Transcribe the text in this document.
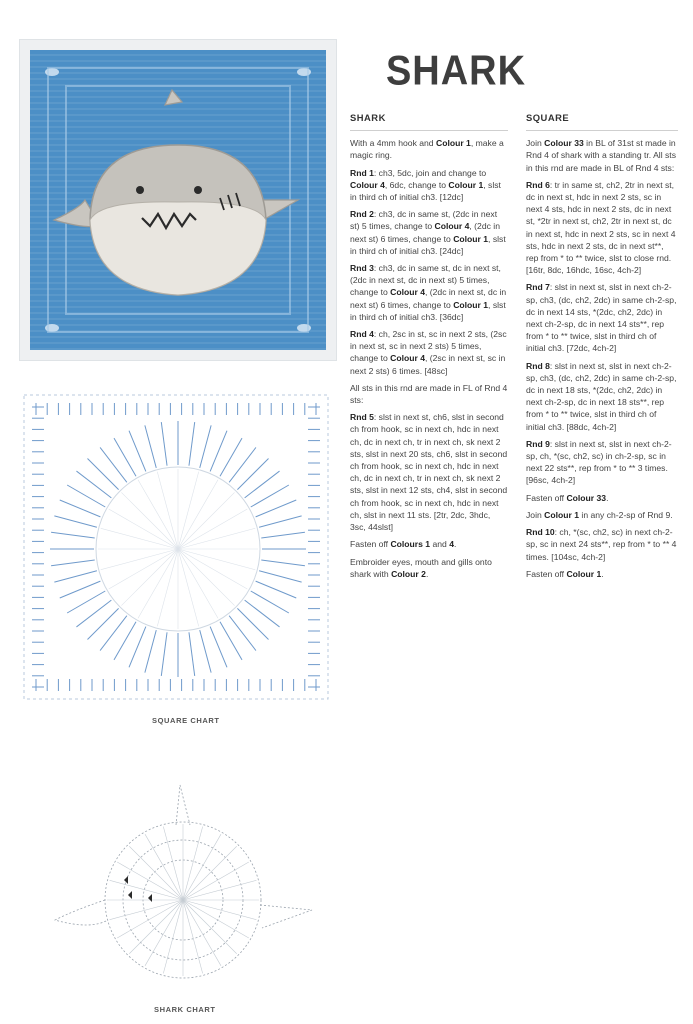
SHARK
SHARK

With a 4mm hook and Colour 1, make a magic ring.

Rnd 1: ch3, 5dc, join and change to Colour 4, 6dc, change to Colour 1, slst in third ch of initial ch3. [12dc]

Rnd 2: ch3, dc in same st, (2dc in next st) 5 times, change to Colour 4, (2dc in next st) 6 times, change to Colour 1, slst in third ch of initial ch3. [24dc]

Rnd 3: ch3, dc in same st, dc in next st, (2dc in next st, dc in next st) 5 times, change to Colour 4, (2dc in next st, dc in next st) 6 times, change to Colour 1, slst in third ch of initial ch3. [36dc]

Rnd 4: ch, 2sc in st, sc in next 2 sts, (2sc in next st, sc in next 2 sts) 5 times, change to Colour 4, (2sc in next st, sc in next 2 sts) 6 times. [48sc]

All sts in this rnd are made in FL of Rnd 4 sts:

Rnd 5: slst in next st, ch6, slst in second ch from hook, sc in next ch, hdc in next ch, dc in next ch, tr in next ch, sk next 2 sts, slst in next 20 sts, ch6, slst in second ch from hook, sc in next ch, hdc in next ch, dc in next ch, tr in next ch, sk next 2 sts, slst in next 12 sts, ch4, slst in second ch from hook, sc in next ch, hdc in next ch, slst in next 11 sts. [2tr, 2dc, 3hdc, 3sc, 44slst]

Fasten off Colours 1 and 4.

Embroider eyes, mouth and gills onto shark with Colour 2.

SQUARE

Join Colour 33 in BL of 31st st made in Rnd 4 of shark with a standing tr. All sts in this rnd are made in BL of Rnd 4 sts:

Rnd 6: tr in same st, ch2, 2tr in next st, dc in next st, hdc in next 2 sts, sc in next 4 sts, hdc in next 2 sts, dc in next st, *2tr in next st, ch2, 2tr in next st, dc in next st, hdc in next 2 sts, sc in next 4 sts, hdc in next 2 sts, dc in next st**, rep from * to ** twice, slst to close rnd. [16tr, 8dc, 16hdc, 16sc, 4ch-2]

Rnd 7: slst in next st, slst in next ch-2-sp, ch3, (dc, ch2, 2dc) in same ch-2-sp, dc in next 14 sts, *(2dc, ch2, 2dc) in next ch-2-sp, dc in next 14 sts**, rep from * to ** twice, slst in third ch of initial ch3. [72dc, 4ch-2]

Rnd 8: slst in next st, slst in next ch-2-sp, ch3, (dc, ch2, 2dc) in same ch-2-sp, dc in next 18 sts, *(2dc, ch2, 2dc) in next ch-2-sp, dc in next 18 sts**, rep from * to ** twice, slst in third ch of initial ch3. [88dc, 4ch-2]

Rnd 9: slst in next st, slst in next ch-2-sp, ch, *(sc, ch2, sc) in ch-2-sp, sc in next 22 sts**, rep from * to ** 3 times. [96sc, 4ch-2]

Fasten off Colour 33.

Join Colour 1 in any ch-2-sp of Rnd 9.

Rnd 10: ch, *(sc, ch2, sc) in next ch-2-sp, sc in next 24 sts**, rep from * to ** 4 times. [104sc, 4ch-2]

Fasten off Colour 1.

SQUARE CHART
SHARK CHART
